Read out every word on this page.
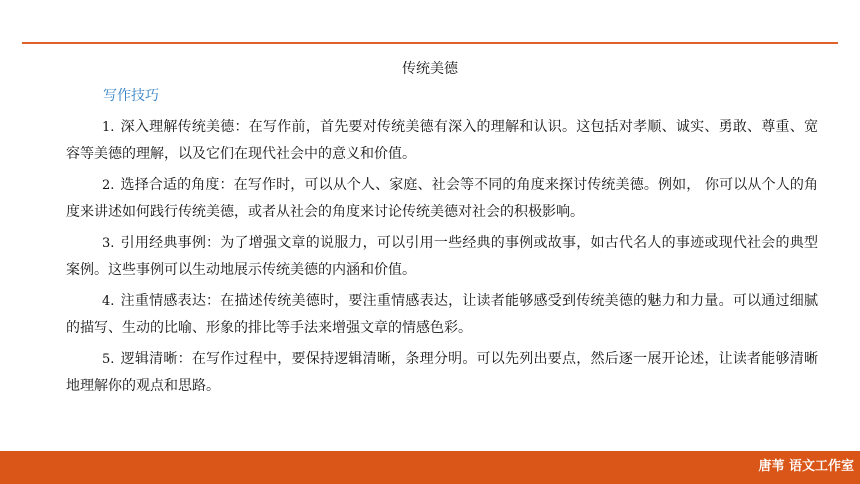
传统美德
写作技巧

1. 深入理解传统美德：在写作前，首先要对传统美德有深入的理解和认识。这包括对孝顺、诚实、勇敢、尊重、宽容等美德的理解，以及它们在现代社会中的意义和价值。

2. 选择合适的角度：在写作时，可以从个人、家庭、社会等不同的角度来探讨传统美德。例如， 你可以从个人的角度来讲述如何践行传统美德，或者从社会的角度来讨论传统美德对社会的积极影响。

3. 引用经典事例：为了增强文章的说服力，可以引用一些经典的事例或故事，如古代名人的事迹或现代社会的典型案例。这些事例可以生动地展示传统美德的内涵和价值。

4. 注重情感表达：在描述传统美德时，要注重情感表达，让读者能够感受到传统美德的魅力和力量。可以通过细腻的描写、生动的比喻、形象的排比等手法来增强文章的情感色彩。

5. 逻辑清晰：在写作过程中，要保持逻辑清晰，条理分明。可以先列出要点，然后逐一展开论述，让读者能够清晰地理解你的观点和思路。

唐苇 语文工作室
